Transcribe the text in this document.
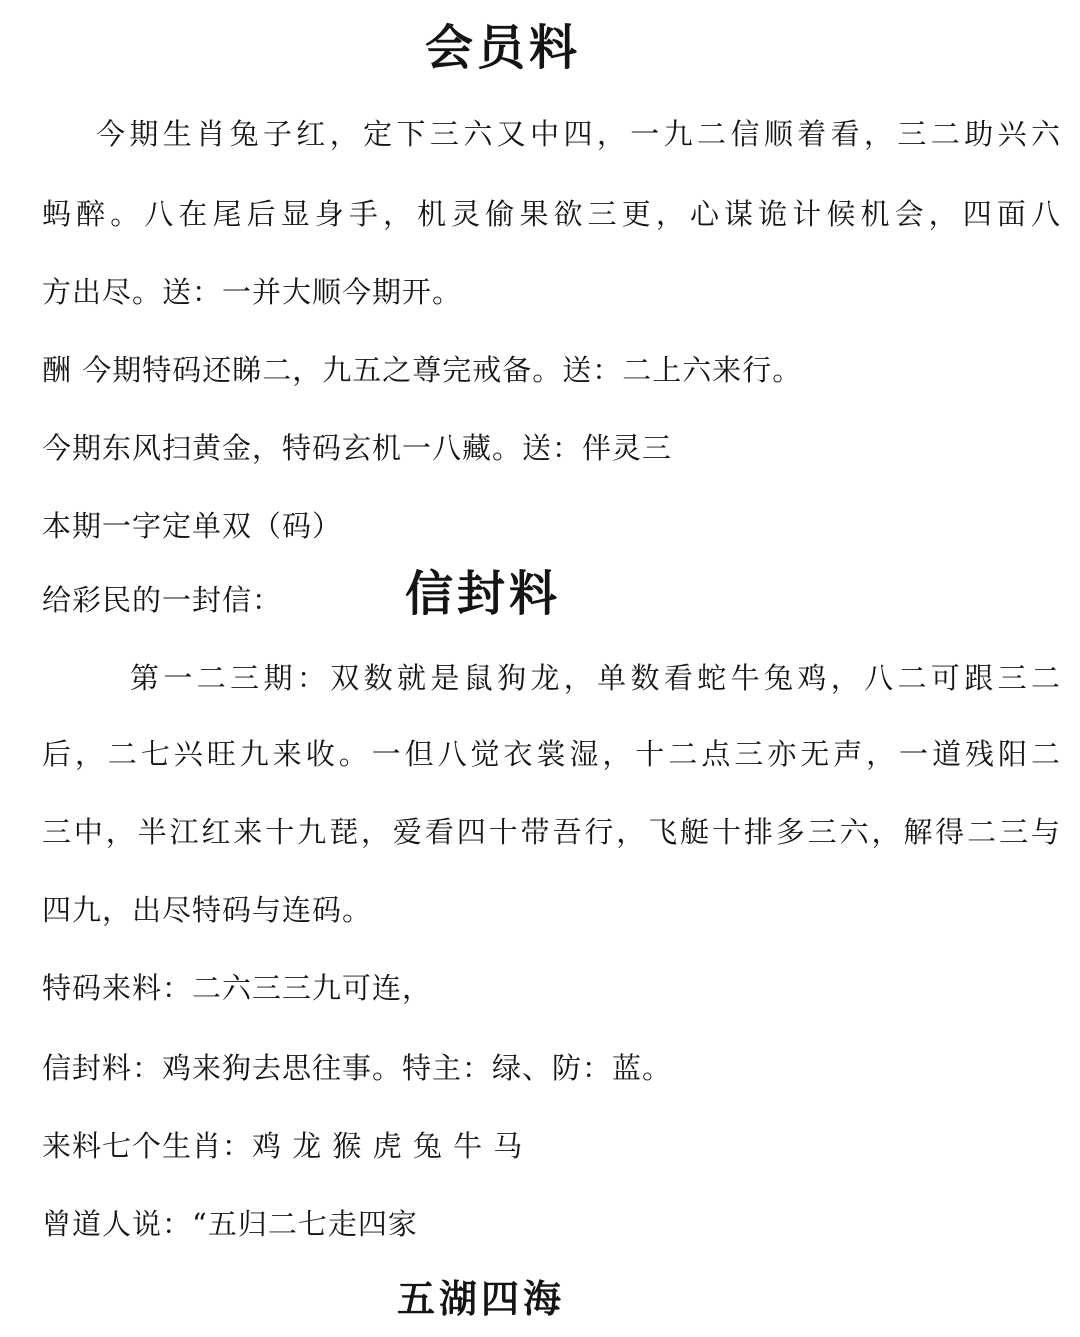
会员料
今期生肖兔子红，定下三六又中四，一九二信顺着看，三二助兴六
蚂醉。八在尾后显身手，机灵偷果欲三更，心谋诡计候机会，四面八
方出尽。送：一并大顺今期开。
酬 今期特码还睇二，九五之尊完戒备。送：二上六来行。
今期东风扫黄金，特码玄机一八藏。送：伴灵三
本期一字定单双（码）
给彩民的一封信：	信封料
第一二三期：双数就是鼠狗龙，单数看蛇牛兔鸡，八二可跟三二
后，二七兴旺九来收。一但八觉衣裳湿，十二点三亦无声，一道残阳二
三中，半江红来十九琵，爱看四十带吾行，飞艇十排多三六，解得二三与
四九，出尽特码与连码。
特码来料：二六三三九可连，
信封料：鸡来狗去思往事。特主：绿、防：蓝。
来料七个生肖：鸡 龙 猴 虎 兔 牛 马
曾道人说：“五归二七走四家
五湖四海
